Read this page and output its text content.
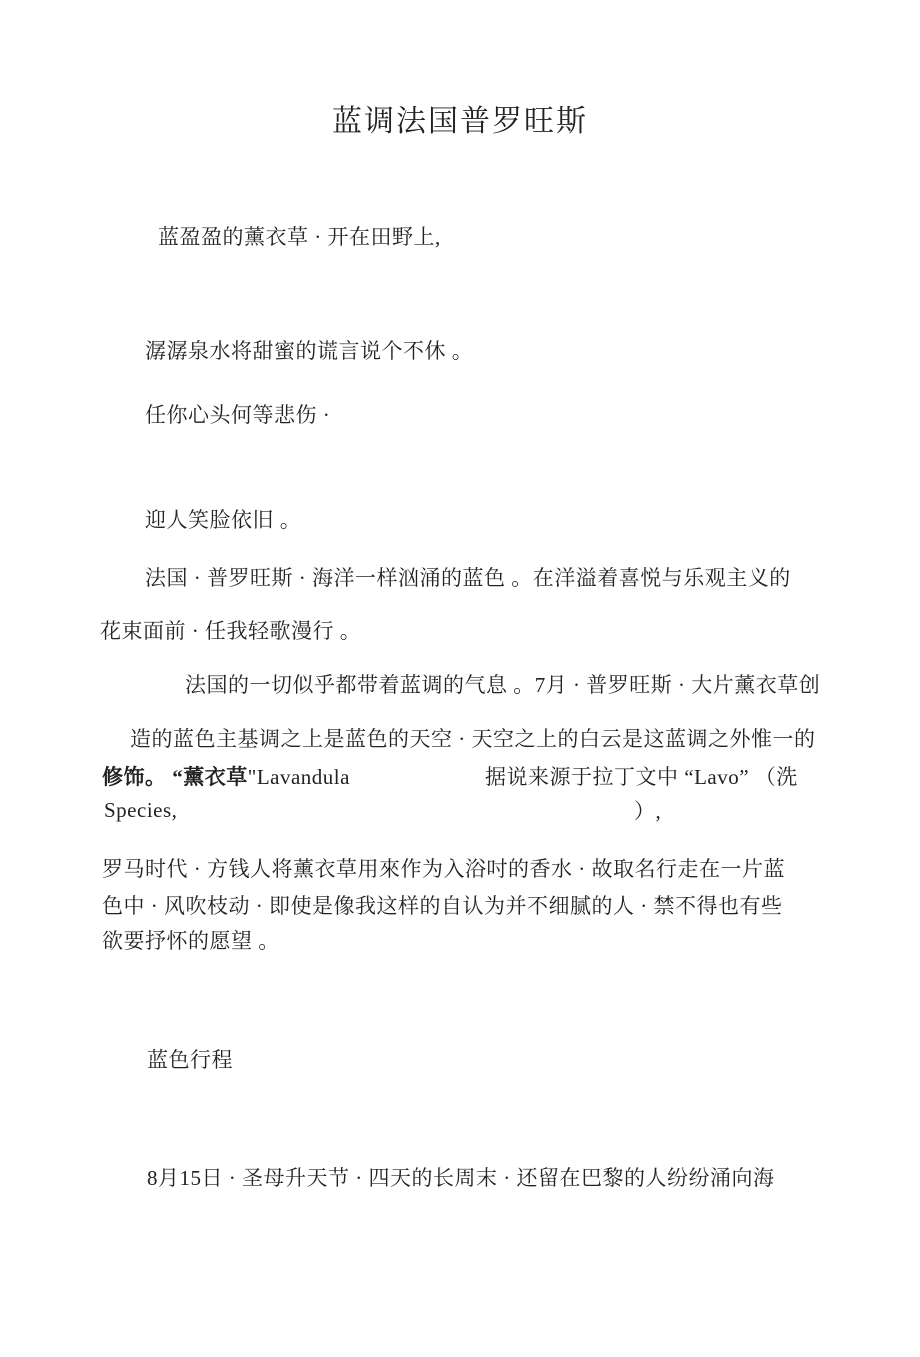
蓝调法国普罗旺斯
蓝盈盈的薰衣草 · 开在田野上,
潺潺泉水将甜蜜的谎言说个不休 。
任你心头何等悲伤 ·
迎人笑脸依旧 。
法国 · 普罗旺斯 · 海洋一样汹涌的蓝色 。在洋溢着喜悦与乐观主义的
花束面前 · 任我轻歌漫行 。
法国的一切似乎都带着蓝调的气息 。7月 · 普罗旺斯 · 大片薰衣草创
造的蓝色主基调之上是蓝色的天空 · 天空之上的白云是这蓝调之外惟一的
修饰。 “薰衣草"Lavandula	据说来源于拉丁文中 “Lavo” （洗
Species,	）,
罗马时代 · 方钱人将薰衣草用來作为入浴吋的香水 · 故取名行走在一片蓝
色中 · 风吹枝动 · 即使是像我这样的自认为并不细腻的人 · 禁不得也有些
欲要抒怀的愿望 。
蓝色行程
8月15日 · 圣母升天节 · 四天的长周末 · 还留在巴黎的人纷纷涌向海
